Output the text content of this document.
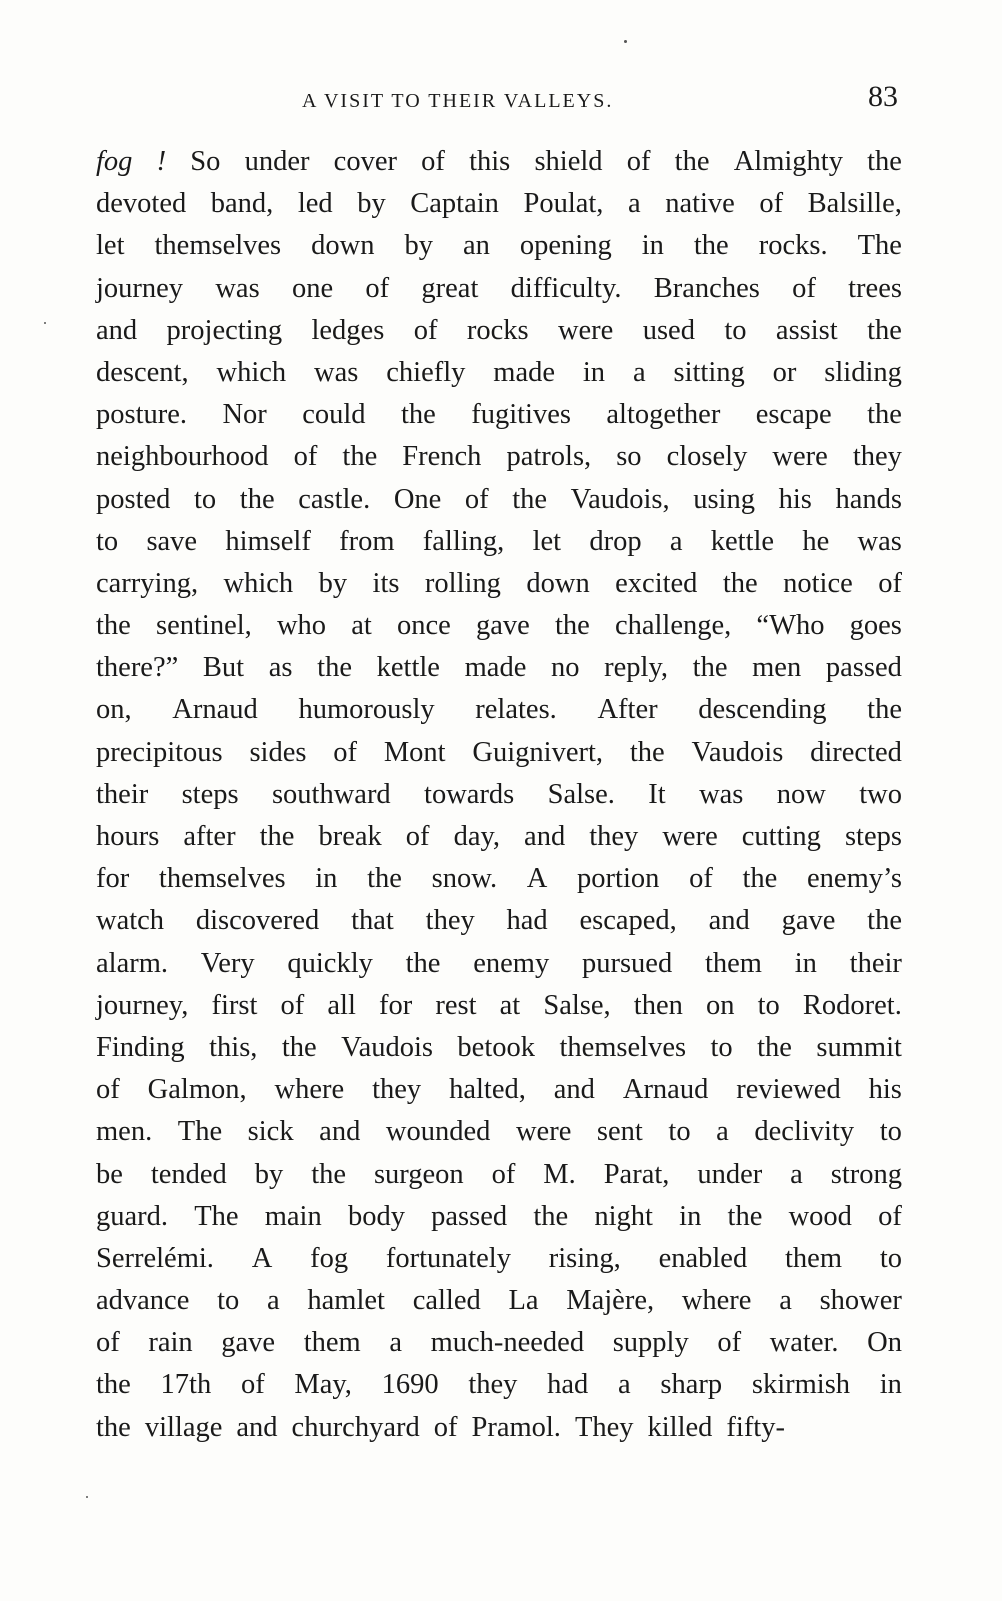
A VISIT TO THEIR VALLEYS.	83
fog ! So under cover of this shield of the Almighty the
devoted band, led by Captain Poulat, a native of Balsille,
let themselves down by an opening in the rocks. The
journey was one of great difficulty. Branches of trees
and projecting ledges of rocks were used to assist the
descent, which was chiefly made in a sitting or sliding
posture. Nor could the fugitives altogether escape the
neighbourhood of the French patrols, so closely were they
posted to the castle. One of the Vaudois, using his hands
to save himself from falling, let drop a kettle he was
carrying, which by its rolling down excited the notice of
the sentinel, who at once gave the challenge, “Who goes
there?” But as the kettle made no reply, the men passed
on, Arnaud humorously relates. After descending the
precipitous sides of Mont Guignivert, the Vaudois directed
their steps southward towards Salse. It was now two
hours after the break of day, and they were cutting steps
for themselves in the snow. A portion of the enemy’s
watch discovered that they had escaped, and gave the
alarm. Very quickly the enemy pursued them in their
journey, first of all for rest at Salse, then on to Rodoret.
Finding this, the Vaudois betook themselves to the summit
of Galmon, where they halted, and Arnaud reviewed his
men. The sick and wounded were sent to a declivity to
be tended by the surgeon of M. Parat, under a strong
guard. The main body passed the night in the wood of
Serrelémi. A fog fortunately rising, enabled them to
advance to a hamlet called La Majère, where a shower
of rain gave them a much-needed supply of water. On
the 17th of May, 1690 they had a sharp skirmish in
the village and churchyard of Pramol. They killed fifty-
